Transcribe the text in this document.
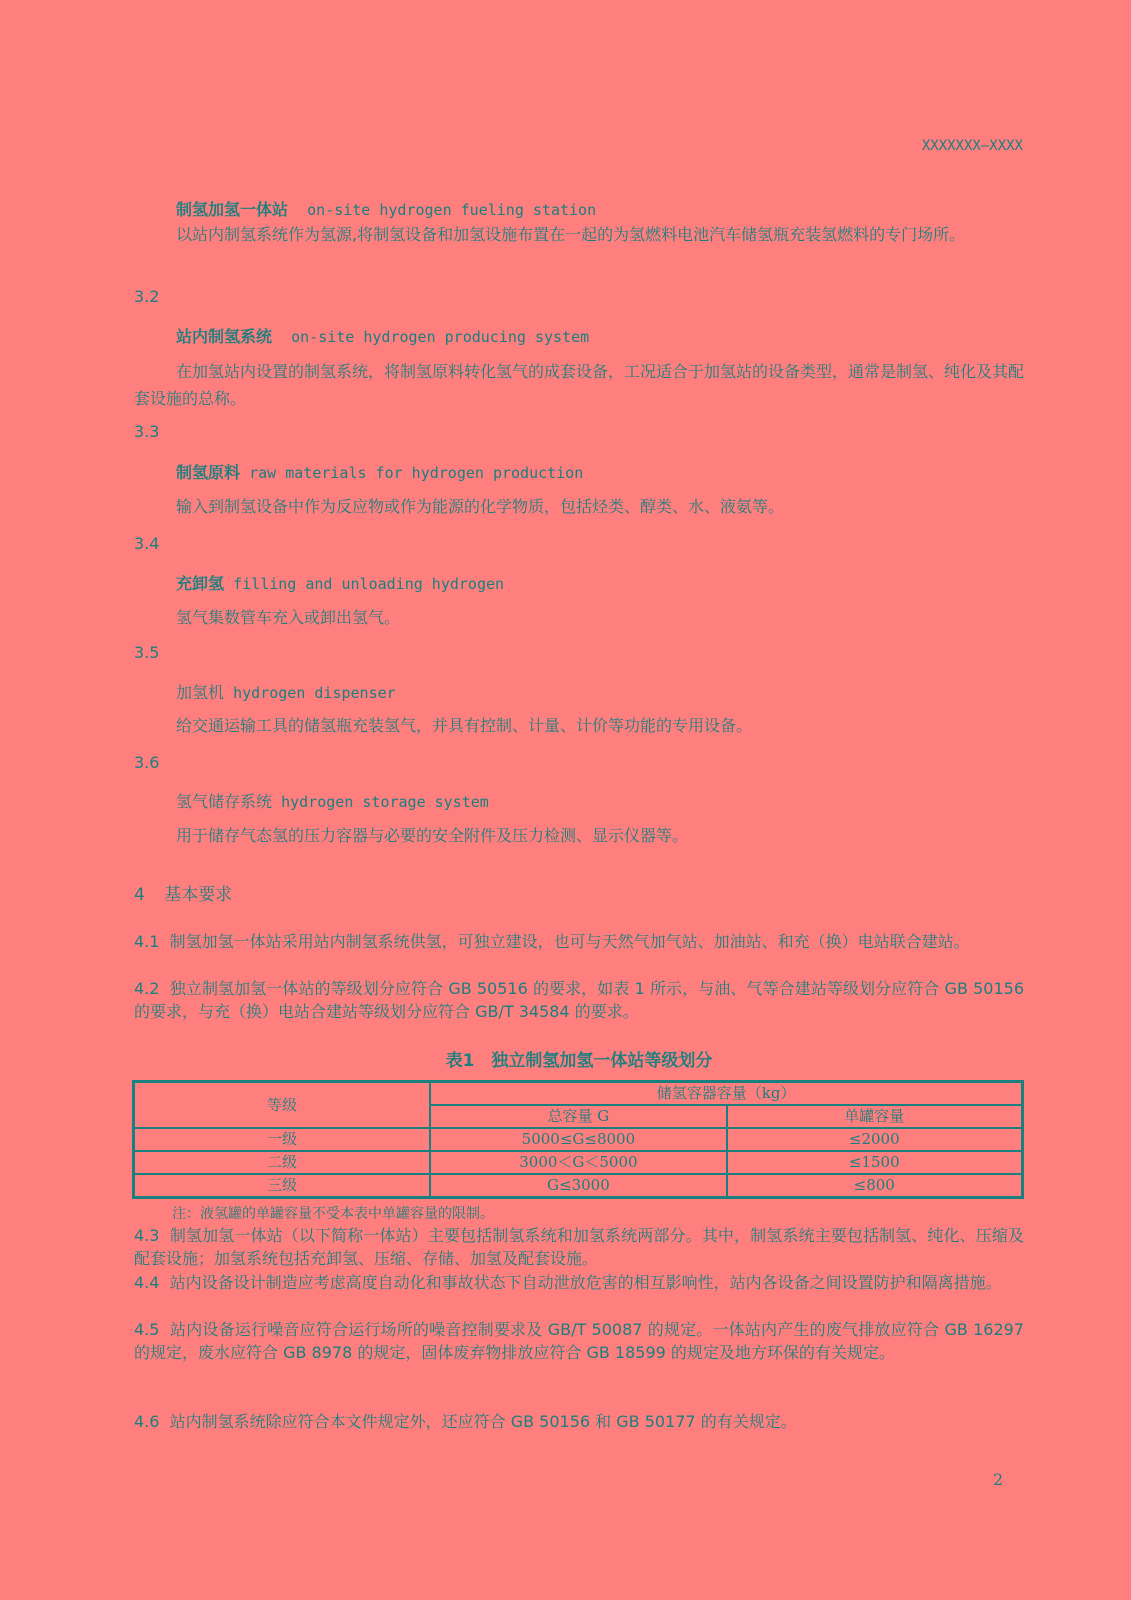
XXXXXXX—XXXX
制氢加氢一体站 on-site hydrogen fueling station
以站内制氢系统作为氢源,将制氢设备和加氢设施布置在一起的为氢燃料电池汽车储氢瓶充装氢燃料的专门场所。
3.2
站内制氢系统 on-site hydrogen producing system
在加氢站内设置的制氢系统，将制氢原料转化氢气的成套设备，工况适合于加氢站的设备类型，通常是制氢、纯化及其配套设施的总称。
3.3
制氢原料 raw materials for hydrogen production
输入到制氢设备中作为反应物或作为能源的化学物质，包括烃类、醇类、水、液氨等。
3.4
充卸氢 filling and unloading hydrogen
氢气集数管车充入或卸出氢气。
3.5
加氢机 hydrogen dispenser
给交通运输工具的储氢瓶充装氢气，并具有控制、计量、计价等功能的专用设备。
3.6
氢气储存系统 hydrogen storage system
用于储存气态氢的压力容器与必要的安全附件及压力检测、显示仪器等。
4 基本要求
4.1 制氢加氢一体站采用站内制氢系统供氢，可独立建设，也可与天然气加气站、加油站、和充（换）电站联合建站。
4.2 独立制氢加氢一体站的等级划分应符合 GB 50516 的要求，如表 1 所示，与油、气等合建站等级划分应符合 GB 50156 的要求，与充（换）电站合建站等级划分应符合 GB/T 34584 的要求。
表1　独立制氢加氢一体站等级划分
等级	储氢容器容量（kg）	
	总容量 G	单罐容量
一级	5000≤G≤8000	≤2000
二级	3000＜G＜5000	≤1500
三级	G≤3000	≤800
注：液氢罐的单罐容量不受本表中单罐容量的限制。
4.3 制氢加氢一体站（以下简称一体站）主要包括制氢系统和加氢系统两部分。其中，制氢系统主要包括制氢、纯化、压缩及配套设施；加氢系统包括充卸氢、压缩、存储、加氢及配套设施。
4.4 站内设备设计制造应考虑高度自动化和事故状态下自动泄放危害的相互影响性，站内各设备之间设置防护和隔离措施。
4.5 站内设备运行噪音应符合运行场所的噪音控制要求及 GB/T 50087 的规定。一体站内产生的废气排放应符合 GB 16297 的规定，废水应符合 GB 8978 的规定，固体废弃物排放应符合 GB 18599 的规定及地方环保的有关规定。
4.6 站内制氢系统除应符合本文件规定外，还应符合 GB 50156 和 GB 50177 的有关规定。
2
